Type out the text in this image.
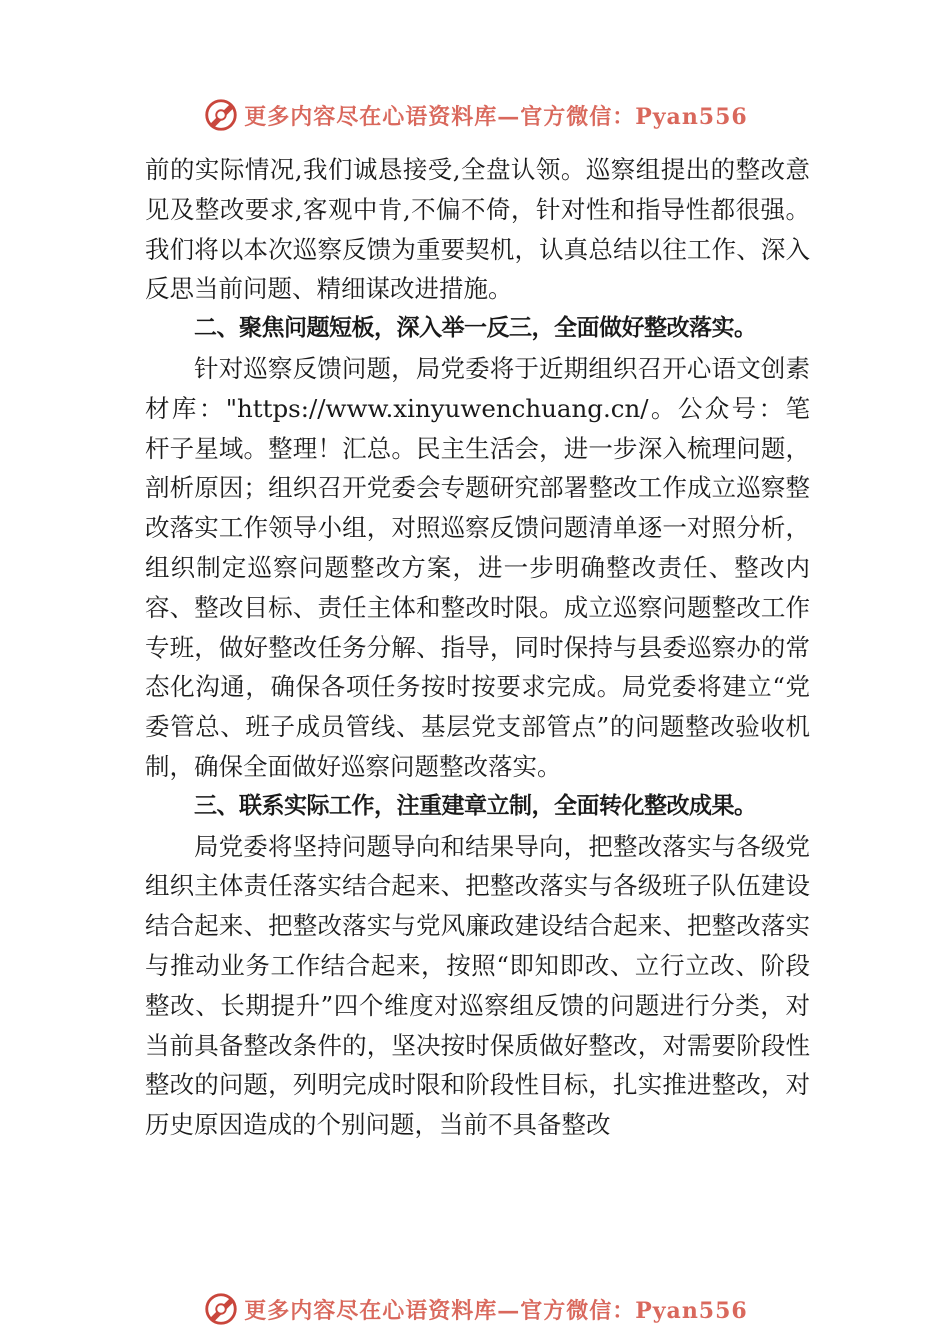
更多内容尽在心语资料库—官方微信：Pyan556

前的实际情况,我们诚恳接受,全盘认领。巡察组提出的整改意见及整改要求,客观中肯,不偏不倚，针对性和指导性都很强。我们将以本次巡察反馈为重要契机，认真总结以往工作、深入反思当前问题、精细谋改进措施。

二、聚焦问题短板，深入举一反三，全面做好整改落实。

针对巡察反馈问题，局党委将于近期组织召开心语文创素材库："https://www.xinyuwenchuang.cn/。公众号：笔杆子星域。整理！汇总。民主生活会，进一步深入梳理问题，剖析原因；组织召开党委会专题研究部署整改工作成立巡察整改落实工作领导小组，对照巡察反馈问题清单逐一对照分析，组织制定巡察问题整改方案，进一步明确整改责任、整改内容、整改目标、责任主体和整改时限。成立巡察问题整改工作专班，做好整改任务分解、指导，同时保持与县委巡察办的常态化沟通，确保各项任务按时按要求完成。局党委将建立“党委管总、班子成员管线、基层党支部管点”的问题整改验收机制，确保全面做好巡察问题整改落实。

三、联系实际工作，注重建章立制，全面转化整改成果。

局党委将坚持问题导向和结果导向，把整改落实与各级党组织主体责任落实结合起来、把整改落实与各级班子队伍建设结合起来、把整改落实与党风廉政建设结合起来、把整改落实与推动业务工作结合起来，按照“即知即改、立行立改、阶段整改、长期提升”四个维度对巡察组反馈的问题进行分类，对当前具备整改条件的，坚决按时保质做好整改，对需要阶段性整改的问题，列明完成时限和阶段性目标，扎实推进整改，对历史原因造成的个别问题，当前不具备整改

更多内容尽在心语资料库—官方微信：Pyan556
